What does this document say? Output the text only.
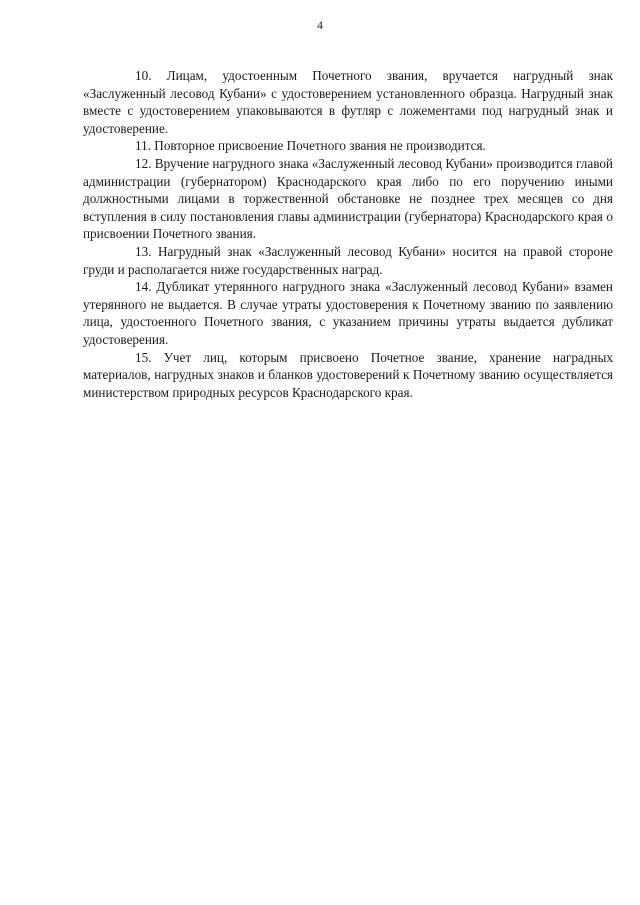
4

10. Лицам, удостоенным Почетного звания, вручается нагрудный знак «Заслуженный лесовод Кубани» с удостоверением установленного образца. Нагрудный знак вместе с удостоверением упаковываются в футляр с ложементами под нагрудный знак и удостоверение.

11. Повторное присвоение Почетного звания не производится.

12. Вручение нагрудного знака «Заслуженный лесовод Кубани» производится главой администрации (губернатором) Краснодарского края либо по его поручению иными должностными лицами в торжественной обстановке не позднее трех месяцев со дня вступления в силу постановления главы администрации (губернатора) Краснодарского края о присвоении Почетного звания.

13. Нагрудный знак «Заслуженный лесовод Кубани» носится на правой стороне груди и располагается ниже государственных наград.

14. Дубликат утерянного нагрудного знака «Заслуженный лесовод Кубани» взамен утерянного не выдается. В случае утраты удостоверения к Почетному званию по заявлению лица, удостоенного Почетного звания, с указанием причины утраты выдается дубликат удостоверения.

15. Учет лиц, которым присвоено Почетное звание, хранение наградных материалов, нагрудных знаков и бланков удостоверений к Почетному званию осуществляется министерством природных ресурсов Краснодарского края.
